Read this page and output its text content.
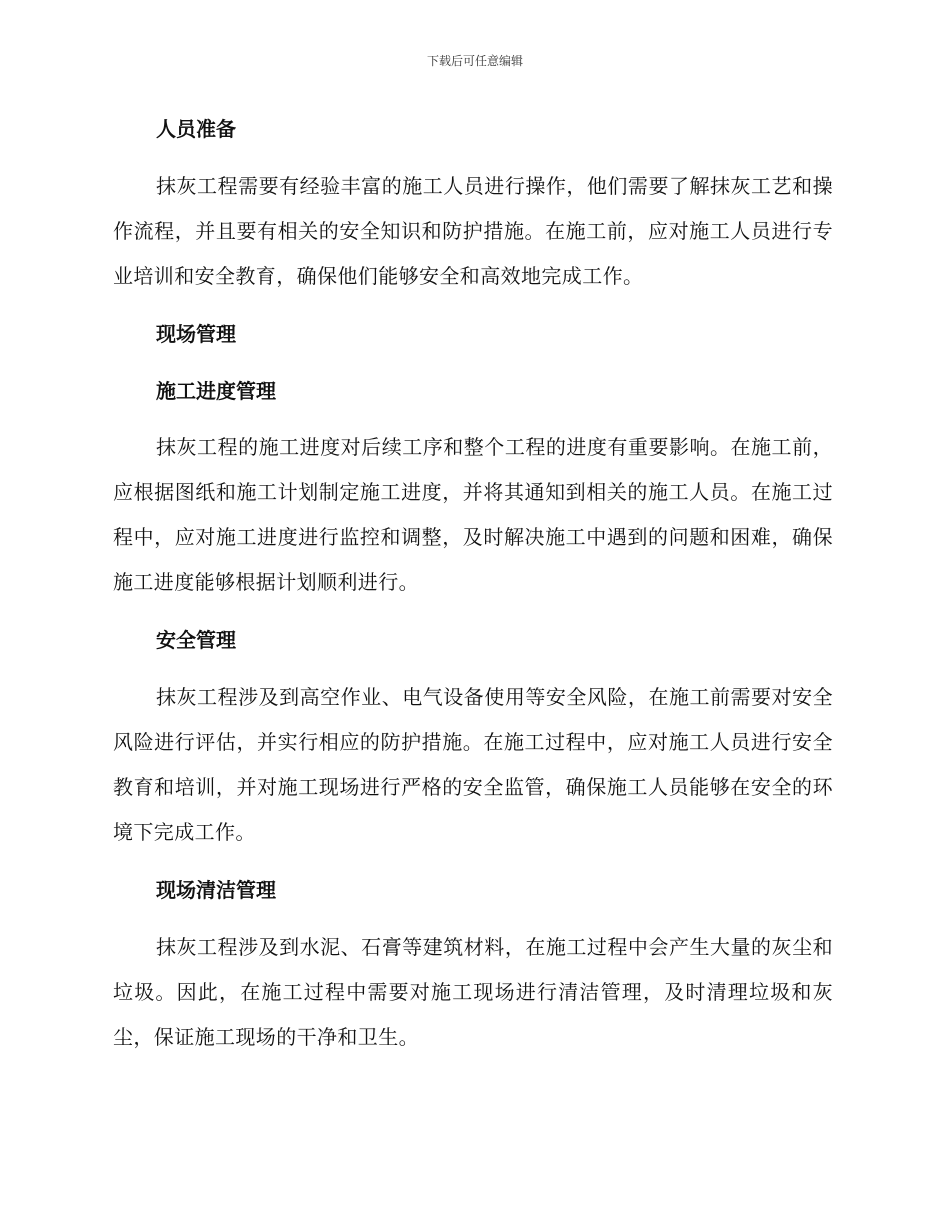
下载后可任意编辑
人员准备

抹灰工程需要有经验丰富的施工人员进行操作，他们需要了解抹灰工艺和操作流程，并且要有相关的安全知识和防护措施。在施工前，应对施工人员进行专业培训和安全教育，确保他们能够安全和高效地完成工作。

现场管理
施工进度管理

抹灰工程的施工进度对后续工序和整个工程的进度有重要影响。在施工前，应根据图纸和施工计划制定施工进度，并将其通知到相关的施工人员。在施工过程中，应对施工进度进行监控和调整，及时解决施工中遇到的问题和困难，确保施工进度能够根据计划顺利进行。

安全管理

抹灰工程涉及到高空作业、电气设备使用等安全风险，在施工前需要对安全风险进行评估，并实行相应的防护措施。在施工过程中，应对施工人员进行安全教育和培训，并对施工现场进行严格的安全监管，确保施工人员能够在安全的环境下完成工作。

现场清洁管理

抹灰工程涉及到水泥、石膏等建筑材料，在施工过程中会产生大量的灰尘和垃圾。因此，在施工过程中需要对施工现场进行清洁管理，及时清理垃圾和灰尘，保证施工现场的干净和卫生。
